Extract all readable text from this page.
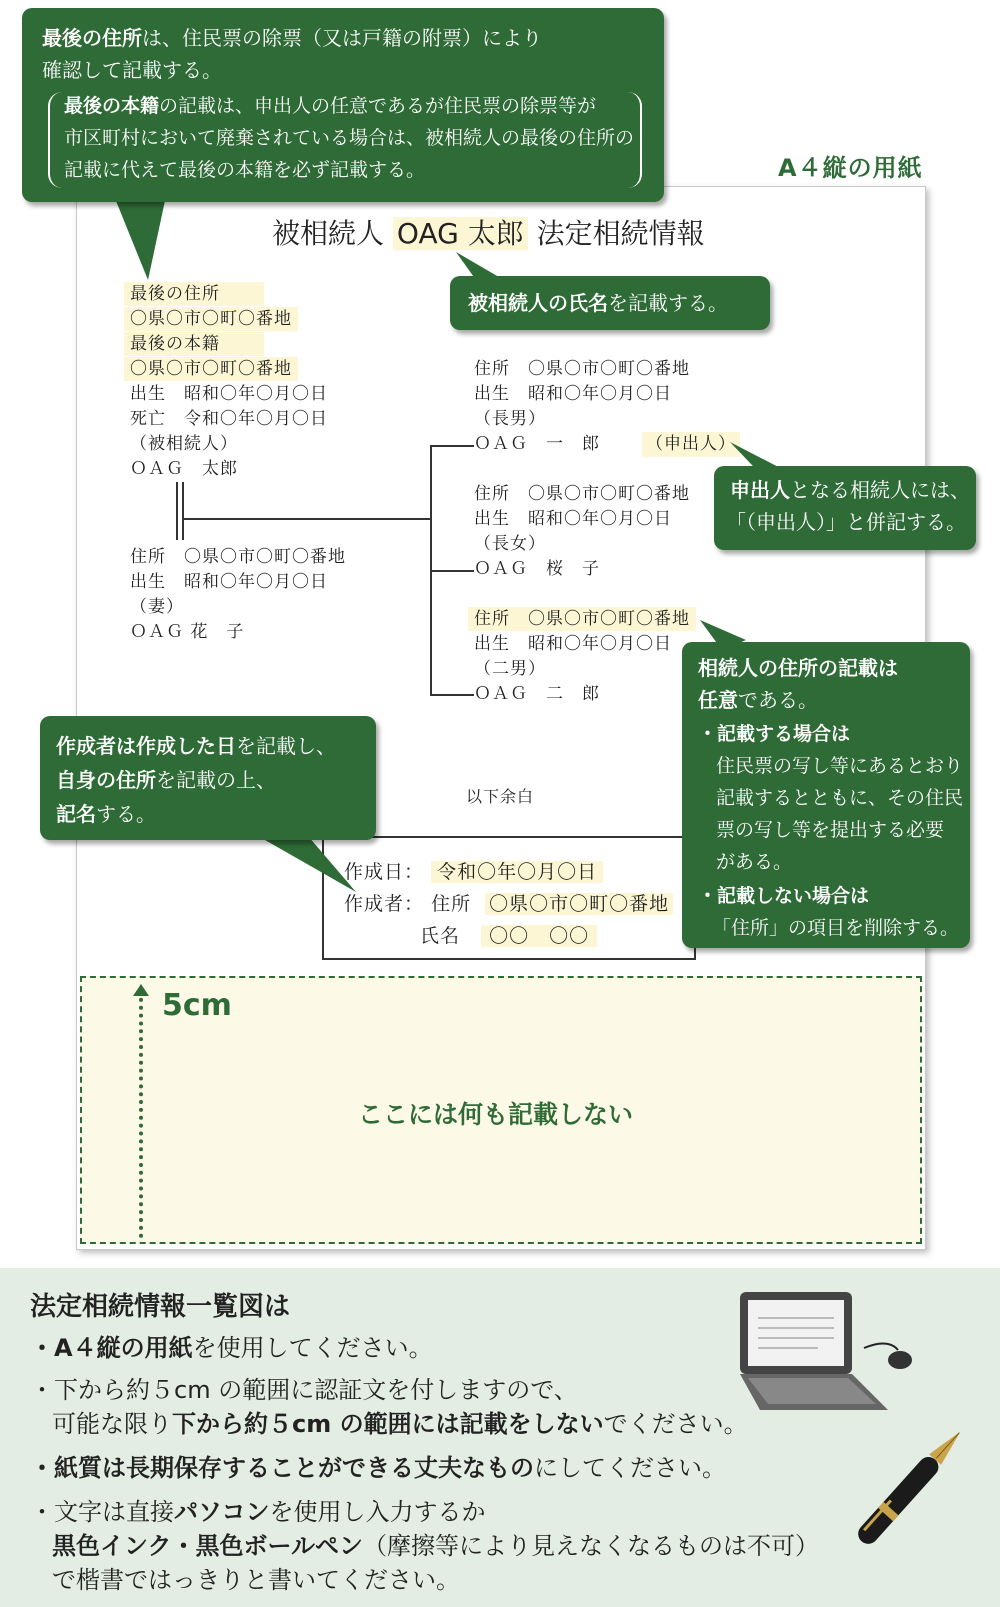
A４縦の用紙
被相続人 OAG 太郎 法定相続情報
最後の住所
〇県〇市〇町〇番地
最後の本籍
〇県〇市〇町〇番地
出生　昭和〇年〇月〇日
死亡　令和〇年〇月〇日
（被相続人）
ＯＡＧ　太郎
住所　〇県〇市〇町〇番地
出生　昭和〇年〇月〇日
（妻）
ＯＡＧ 花　子
住所　〇県〇市〇町〇番地
出生　昭和〇年〇月〇日
（長男）
ＯＡＧ　一　郎	（申出人）
住所　〇県〇市〇町〇番地
出生　昭和〇年〇月〇日
（長女）
ＯＡＧ　桜　子
住所　〇県〇市〇町〇番地
出生　昭和〇年〇月〇日
（二男）
ＯＡＧ　二　郎
以下余白
作成日： 令和〇年〇月〇日
作成者： 住所 〇県〇市〇町〇番地
氏名 〇〇　〇〇
5cm
ここには何も記載しない
最後の住所は、住民票の除票（又は戸籍の附票）により
確認して記載する。
最後の本籍の記載は、申出人の任意であるが住民票の除票等が
市区町村において廃棄されている場合は、被相続人の最後の住所の
記載に代えて最後の本籍を必ず記載する。
被相続人の氏名を記載する。
申出人となる相続人には、
「（申出人）」と併記する。
相続人の住所の記載は
任意である。
・記載する場合は
住民票の写し等にあるとおり
記載するとともに、その住民
票の写し等を提出する必要
がある。
・記載しない場合は
「住所」の項目を削除する。
作成者は作成した日を記載し、
自身の住所を記載の上、
記名する。
法定相続情報一覧図は
・A４縦の用紙を使用してください。
・下から約５cm の範囲に認証文を付しますので、
可能な限り下から約５cm の範囲には記載をしないでください。
・紙質は長期保存することができる丈夫なものにしてください。
・文字は直接パソコンを使用し入力するか
黒色インク・黒色ボールペン（摩擦等により見えなくなるものは不可）
で楷書ではっきりと書いてください。
